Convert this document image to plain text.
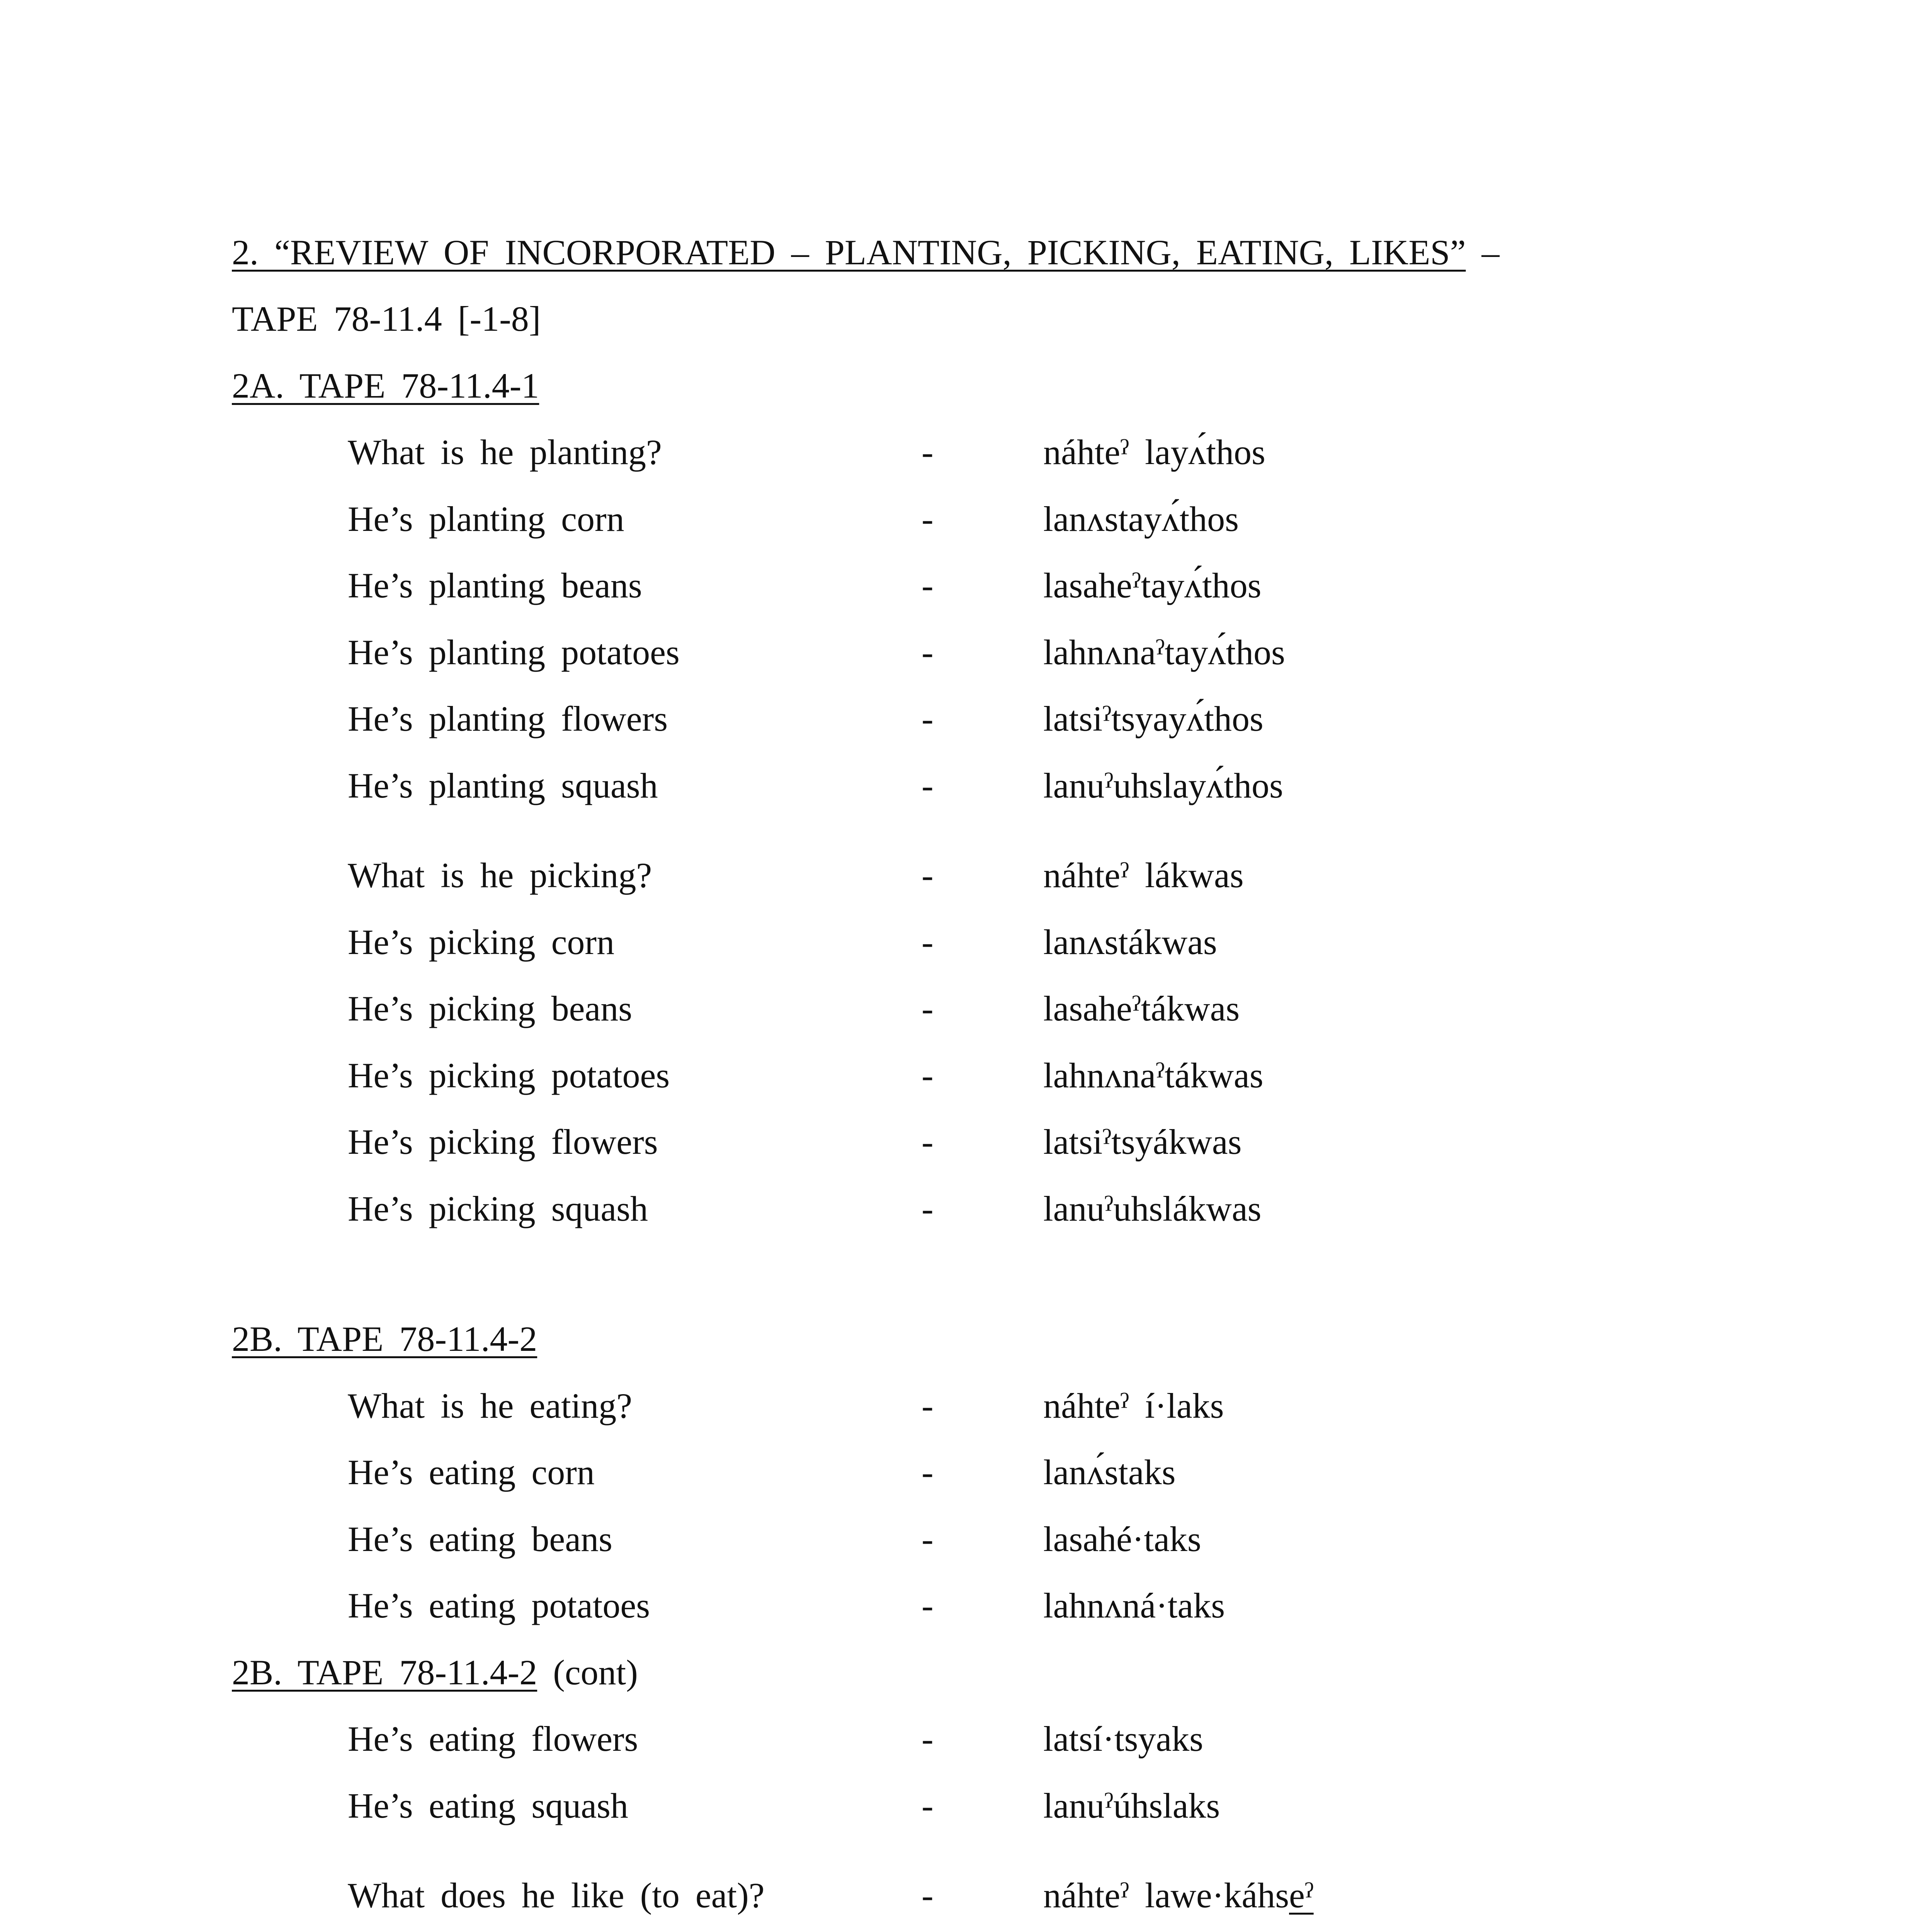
2. “REVIEW OF INCORPORATED – PLANTING, PICKING, EATING, LIKES” –
TAPE 78-11.4 [-1-8]
2A. TAPE 78-11.4-1
What is he planting?	-	náhteˀ layʌ́thos
He’s planting corn	-	lanʌstayʌ́thos
He’s planting beans	-	lasaheˀtayʌ́thos
He’s planting potatoes	-	lahnʌnaˀtayʌ́thos
He’s planting flowers	-	latsiˀtsyayʌ́thos
He’s planting squash	-	lanuˀuhslayʌ́thos
What is he picking?	-	náhteˀ lákwas
He’s picking corn	-	lanʌstákwas
He’s picking beans	-	lasaheˀtákwas
He’s picking potatoes	-	lahnʌnaˀtákwas
He’s picking flowers	-	latsiˀtsyákwas
He’s picking squash	-	lanuˀuhslákwas
2B. TAPE 78-11.4-2
What is he eating?	-	náhteˀ í·laks
He’s eating corn	-	lanʌ́staks
He’s eating beans	-	lasahé·taks
He’s eating potatoes	-	lahnʌná·taks
2B. TAPE 78-11.4-2 (cont)
He’s eating flowers	-	latsí·tsyaks
He’s eating squash	-	lanuˀúhslaks
What does he like (to eat)?	-	náhteˀ lawe·káhseˀ
